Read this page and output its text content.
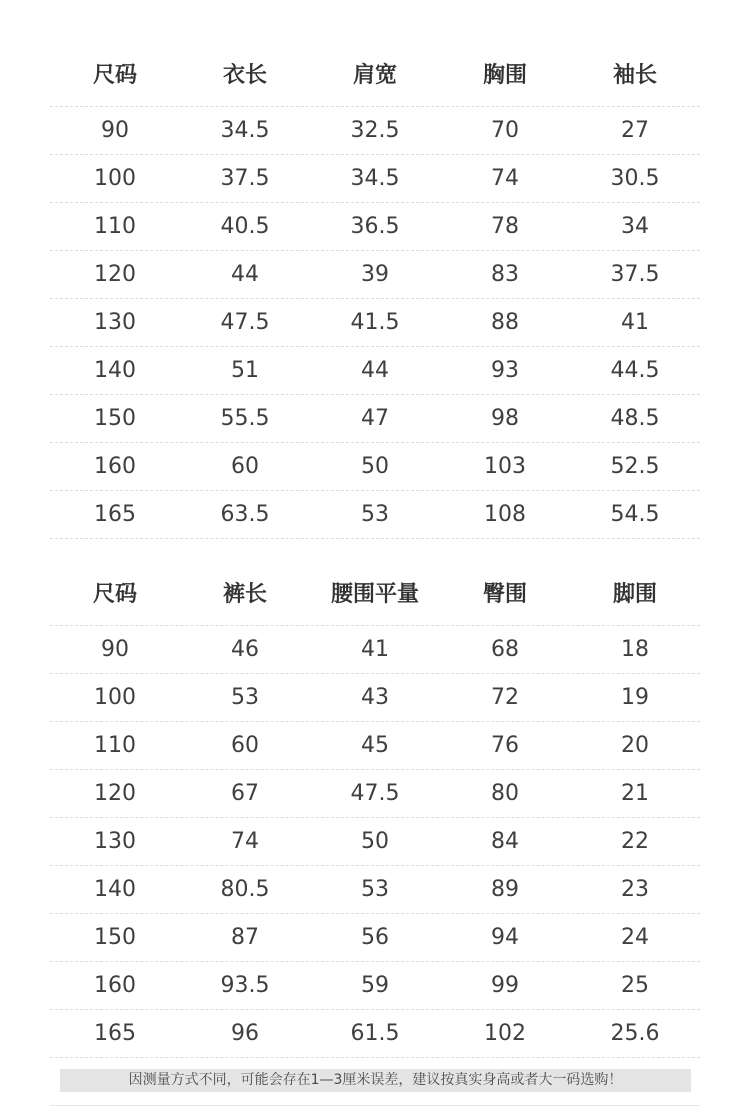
尺码	衣长	肩宽	胸围	袖长
90	34.5	32.5	70	27
100	37.5	34.5	74	30.5
110	40.5	36.5	78	34
120	44	39	83	37.5
130	47.5	41.5	88	41
140	51	44	93	44.5
150	55.5	47	98	48.5
160	60	50	103	52.5
165	63.5	53	108	54.5
尺码	裤长	腰围平量	臀围	脚围
90	46	41	68	18
100	53	43	72	19
110	60	45	76	20
120	67	47.5	80	21
130	74	50	84	22
140	80.5	53	89	23
150	87	56	94	24
160	93.5	59	99	25
165	96	61.5	102	25.6
因测量方式不同，可能会存在1—3厘米误差，建议按真实身高或者大一码选购！
